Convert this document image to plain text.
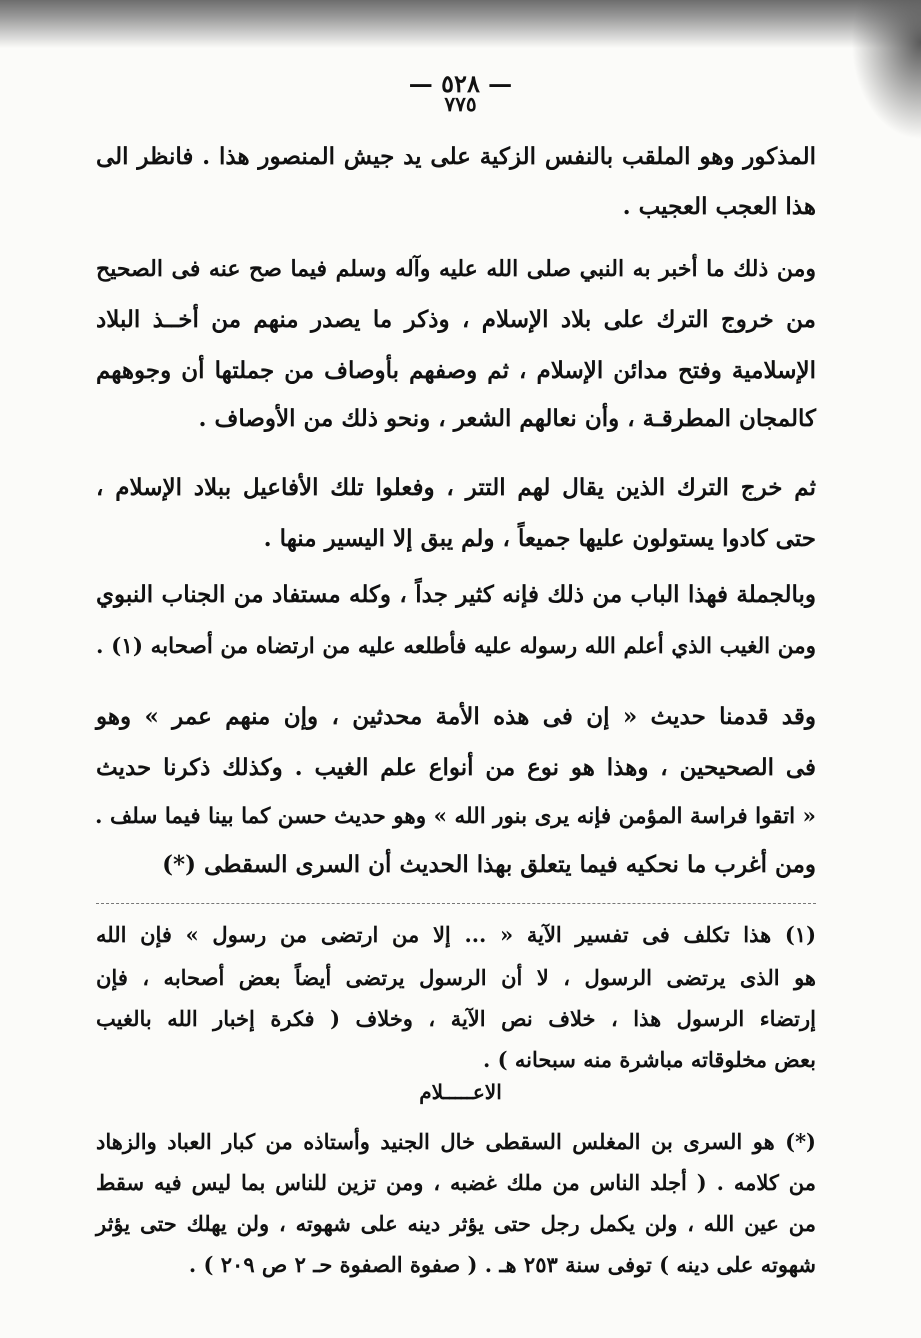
— ٥٢٨ —
٧٧٥
المذكور وهو الملقب بالنفس الزكية على يد جيش المنصور هذا . فانظر الى
هذا العجب العجيب .
ومن ذلك ما أخبر به النبي صلى الله عليه وآله وسلم فيما صح عنه فى الصحيح
من خروج الترك على بلاد الإسلام ، وذكر ما يصدر منهم من أخــذ البلاد
الإسلامية وفتح مدائن الإسلام ، ثم وصفهم بأوصاف من جملتها أن وجوههم
كالمجان المطرقـة ، وأن نعالهم الشعر ، ونحو ذلك من الأوصاف .
ثم خرج الترك الذين يقال لهم التتر ، وفعلوا تلك الأفاعيل ببلاد الإسلام ،
حتى كادوا يستولون عليها جميعاً ، ولم يبق إلا اليسير منها .
وبالجملة فهذا الباب من ذلك فإنه كثير جداً ، وكله مستفاد من الجناب النبوي
ومن الغيب الذي أعلم الله رسوله عليه فأطلعه عليه من ارتضاه من أصحابه (١) .
وقد قدمنا حديث « إن فى هذه الأمة محدثين ، وإن منهم عمر » وهو
فى الصحيحين ، وهذا هو نوع من أنواع علم الغيب . وكذلك ذكرنا حديث
« اتقوا فراسة المؤمن فإنه يرى بنور الله » وهو حديث حسن كما بينا فيما سلف .
ومن أغرب ما نحكيه فيما يتعلق بهذا الحديث أن السرى السقطى (*)
(١) هذا تكلف فى تفسير الآية « ... إلا من ارتضى من رسول » فإن الله
هو الذى يرتضى الرسول ، لا أن الرسول يرتضى أيضاً بعض أصحابه ، فإن
إرتضاء الرسول هذا ، خلاف نص الآية ، وخلاف ( فكرة إخبار الله بالغيب
بعض مخلوقاته مباشرة منه سبحانه ) .
الاعـــــلام
(*) هو السرى بن المغلس السقطى خال الجنيد وأستاذه من كبار العباد والزهاد
من كلامه . ( أجلد الناس من ملك غضبه ، ومن تزين للناس بما ليس فيه سقط
من عين الله ، ولن يكمل رجل حتى يؤثر دينه على شهوته ، ولن يهلك حتى يؤثر
شهوته على دينه ) توفى سنة ٢٥٣ هـ . ( صفوة الصفوة حـ ٢ ص ٢٠٩ ) .
